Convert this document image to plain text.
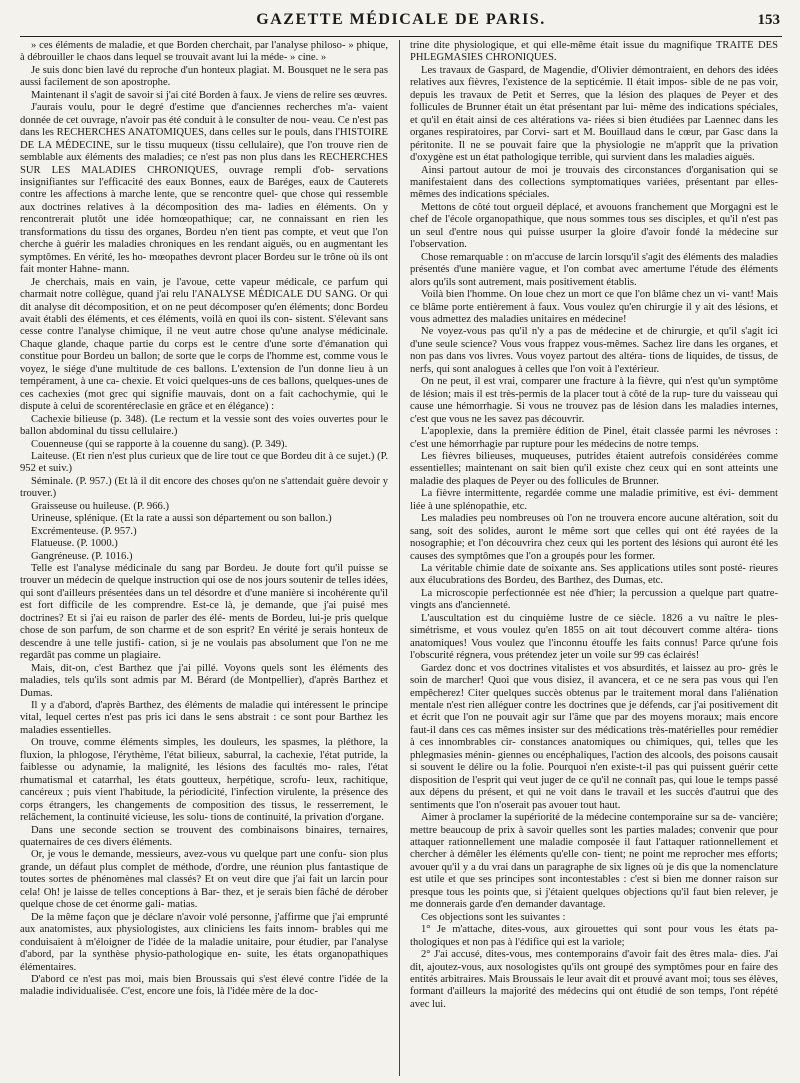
GAZETTE MÉDICALE DE PARIS.	153

» ces éléments de maladie, et que Borden cherchait, par l'analyse philoso- » phique, à débrouiller le chaos dans lequel se trouvait avant lui la méde- » cine. »

Je suis donc bien lavé du reproche d'un honteux plagiat. M. Bousquet ne le sera pas aussi facilement de son apostrophe.

Maintenant il s'agit de savoir si j'ai cité Borden à faux. Je viens de relire ses œuvres.

J'aurais voulu, pour le degré d'estime que d'anciennes recherches m'a- vaient donnée de cet ouvrage, n'avoir pas été conduit à le consulter de nou- veau. Ce n'est pas dans les RECHERCHES ANATOMIQUES, dans celles sur le pouls, dans l'HISTOIRE DE LA MÉDECINE, sur le tissu muqueux (tissu cellulaire), que l'on trouve rien de semblable aux éléments des maladies; ce n'est pas non plus dans les RECHERCHES SUR LES MALADIES CHRONIQUES, ouvrage rempli d'ob- servations insignifiantes sur l'efficacité des eaux Bonnes, eaux de Baréges, eaux de Cauterets contre les affections à marche lente, que se rencontre quel- que chose qui ressemble aux doctrines relatives à la décomposition des ma- ladies en éléments. On y rencontrerait plutôt une idée homœopathique; car, ne connaissant en rien les transformations du tissu des organes, Bordeu n'en tient pas compte, et veut que l'on cherche à guérir les maladies chroniques en les rendant aiguës, ou en augmentant les symptômes. En vérité, les ho- mœopathes devront placer Bordeu sur le trône où ils ont fait monter Hahne- mann.

Je cherchais, mais en vain, je l'avoue, cette vapeur médicale, ce parfum qui charmait notre collègue, quand j'ai relu l'ANALYSE MÉDICALE DU SANG. Or qui dit analyse dit décomposition, et on ne peut décomposer qu'en éléments; donc Bordeu avait établi des éléments, et ces éléments, voilà en quoi ils con- sistent. S'élevant sans cesse contre l'analyse chimique, il ne veut autre chose qu'une analyse médicinale. Chaque glande, chaque partie du corps est le centre d'une sorte d'émanation qui constitue pour Bordeu un ballon; de sorte que le corps de l'homme est, comme vous le voyez, le siége d'une multitude de ces ballons. L'extension de l'un donne lieu à un tempérament, à une ca- chexie. Et voici quelques-uns de ces ballons, quelques-unes de ces cachexies (mot grec qui signifie mauvais, dont on a fait cachochymie, qui le dispute à celui de scorentéreclasie en grâce et en élégance) :

Cachexie bilieuse (p. 348). (Le rectum et la vessie sont des voies ouvertes pour le ballon abdominal du tissu cellulaire.)

Couenneuse (qui se rapporte à la couenne du sang). (P. 349).

Laiteuse. (Et rien n'est plus curieux que de lire tout ce que Bordeu dit à ce sujet.) (P. 952 et suiv.)

Séminale. (P. 957.) (Et là il dit encore des choses qu'on ne s'attendait guère devoir y trouver.)

Graisseuse ou huileuse. (P. 966.)

Urineuse, splénique. (Et la rate a aussi son département ou son ballon.)

Excrémenteuse. (P. 957.)

Flatueuse. (P. 1000.)

Gangréneuse. (P. 1016.)

Telle est l'analyse médicinale du sang par Bordeu. Je doute fort qu'il puisse se trouver un médecin de quelque instruction qui ose de nos jours soutenir de telles idées, qui sont d'ailleurs présentées dans un tel désordre et d'une manière si incohérente qu'il est fort difficile de les comprendre. Est-ce là, je demande, que j'ai puisé mes doctrines? Et si j'ai eu raison de parler des élé- ments de Bordeu, lui-je pris quelque chose de son parfum, de son charme et de son esprit? En vérité je serais honteux de descendre à une telle justifi- cation, si je ne voulais pas absolument que l'on ne me regardât pas comme un plagiaire.

Mais, dit-on, c'est Barthez que j'ai pillé. Voyons quels sont les éléments des maladies, tels qu'ils sont admis par M. Bérard (de Montpellier), d'après Barthez et Dumas.

Il y a d'abord, d'après Barthez, des éléments de maladie qui intéressent le principe vital, lequel certes n'est pas pris ici dans le sens abstrait : ce sont pour Barthez les maladies essentielles.

On trouve, comme éléments simples, les douleurs, les spasmes, la pléthore, la fluxion, la phlogose, l'érythème, l'état bilieux, saburral, la cachexie, l'état putride, la faiblesse ou adynamie, la malignité, les lésions des facultés mo- rales, l'état rhumatismal et catarrhal, les états goutteux, herpétique, scrofu- leux, rachitique, cancéreux ; puis vient l'habitude, la périodicité, l'infection virulente, la présence des corps étrangers, les changements de composition des tissus, le resserrement, le relâchement, la continuité vicieuse, les solu- tions de continuité, la privation d'organe.

Dans une seconde section se trouvent des combinaisons binaires, ternaires, quaternaires de ces divers éléments.

Or, je vous le demande, messieurs, avez-vous vu quelque part une confu- sion plus grande, un défaut plus complet de méthode, d'ordre, une réunion plus fantastique de toutes sortes de phénomènes mal classés? Et on veut dire que j'ai fait un larcin pour cela! Oh! je laisse de telles conceptions à Bar- thez, et je serais bien fâché de dérober quelque chose de cet énorme gali- matias.

De la même façon que je déclare n'avoir volé personne, j'affirme que j'ai emprunté aux anatomistes, aux physiologistes, aux cliniciens les faits innom- brables qui me conduisaient à m'éloigner de l'idée de la maladie unitaire, pour étudier, par l'analyse d'abord, par la synthèse physio-pathologique en- suite, les états organopathiques élémentaires.

D'abord ce n'est pas moi, mais bien Broussais qui s'est élevé contre l'idée de la maladie individualisée. C'est, encore une fois, là l'idée mère de la doc-

trine dite physiologique, et qui elle-même était issue du magnifique TRAITÉ DES PHLEGMASIES CHRONIQUES.

Les travaux de Gaspard, de Magendie, d'Olivier démontraient, en dehors des idées relatives aux fièvres, l'existence de la septicémie. Il était impos- sible de ne pas voir, depuis les travaux de Petit et Serres, que la lésion des plaques de Peyer et des follicules de Brunner était un état présentant par lui- même des indications spéciales, et qu'il en était ainsi de ces altérations va- riées si bien étudiées par Laennec dans les organes respiratoires, par Corvi- sart et M. Bouillaud dans le cœur, par Gasc dans la péritonite. Il ne se pouvait faire que la physiologie ne m'apprît que la privation d'oxygène est un état pathologique terrible, qui survient dans les maladies aiguës.

Ainsi partout autour de moi je trouvais des circonstances d'organisation qui se manifestaient dans des collections symptomatiques variées, présentant par elles-mêmes des indications spéciales.

Mettons de côté tout orgueil déplacé, et avouons franchement que Morgagni est le chef de l'école organopathique, que nous sommes tous ses disciples, et qu'il n'est pas un seul d'entre nous qui puisse usurper la gloire d'avoir fondé la médecine sur l'observation.

Chose remarquable : on m'accuse de larcin lorsqu'il s'agit des éléments des maladies présentés d'une manière vague, et l'on combat avec amertume l'étude des éléments alors qu'ils sont autrement, mais positivement établis.

Voilà bien l'homme. On loue chez un mort ce que l'on blâme chez un vi- vant! Mais ce blâme porte entièrement à faux. Vous voulez qu'en chirurgie il y ait des lésions, et vous admettez des maladies unitaires en médecine!

Ne voyez-vous pas qu'il n'y a pas de médecine et de chirurgie, et qu'il s'agit ici d'une seule science? Vous vous frappez vous-mêmes. Sachez lire dans les organes, et non pas dans vos livres. Vous voyez partout des altéra- tions de liquides, de tissus, de nerfs, qui sont analogues à celles que l'on voit à l'extérieur.

On ne peut, il est vrai, comparer une fracture à la fièvre, qui n'est qu'un symptôme de lésion; mais il est très-permis de la placer tout à côté de la rup- ture du vaisseau qui cause une hémorrhagie. Si vous ne trouvez pas de lésion dans les maladies internes, c'est que vous ne les savez pas découvrir.

L'apoplexie, dans la première édition de Pinel, était classée parmi les névroses : c'est une hémorrhagie par rupture pour les médecins de notre temps.

Les fièvres bilieuses, muqueuses, putrides étaient autrefois considérées comme essentielles; maintenant on sait bien qu'il existe chez ceux qui en sont atteints une maladie des plaques de Peyer ou des follicules de Brunner.

La fièvre intermittente, regardée comme une maladie primitive, est évi- demment liée à une splénopathie, etc.

Les maladies peu nombreuses où l'on ne trouvera encore aucune altération, soit du sang, soit des solides, auront le même sort que celles qui ont été rayées de la nosographie; et l'on découvrira chez ceux qui les portent des lésions qui auront été les causes des symptômes que l'on a groupés pour les former.

La véritable chimie date de soixante ans. Ses applications utiles sont posté- rieures aux élucubrations des Bordeu, des Barthez, des Dumas, etc.

La microscopie perfectionnée est née d'hier; la percussion a quelque part quatre-vingts ans d'ancienneté.

L'auscultation est du cinquième lustre de ce siècle. 1826 a vu naître le ples- simétrisme, et vous voulez qu'en 1855 on ait tout découvert comme altéra- tions anatomiques! Vous voulez que l'inconnu étouffe les faits connus! Parce qu'une fois l'obscurité régnera, vous prétendez jeter un voile sur 99 cas éclairés!

Gardez donc et vos doctrines vitalistes et vos absurdités, et laissez au pro- grès le soin de marcher! Quoi que vous disiez, il avancera, et ce ne sera pas vous qui l'en empêcherez! Citer quelques succès obtenus par le traitement moral dans l'aliénation mentale n'est rien alléguer contre les doctrines que je défends, car j'ai positivement dit et écrit que l'on ne pouvait agir sur l'âme que par des moyens moraux; mais encore faut-il dans ces cas mêmes insister sur des médications très-matérielles pour remédier à ces innombrables cir- constances anatomiques ou chimiques, qui, telles que les phlegmasies ménin- giennes ou encéphaliques, l'action des alcools, des poisons causait si souvent le délire ou la folie. Pourquoi n'en existe-t-il pas qui puissent guérir cette disposition de l'esprit qui veut juger de ce qu'il ne connaît pas, qui loue le temps passé aux dépens du présent, et qui ne voit dans le travail et les succès d'autrui que des sentiments que l'on n'oserait pas avouer tout haut.

Aimer à proclamer la supériorité de la médecine contemporaine sur sa de- vancière; mettre beaucoup de prix à savoir quelles sont les parties malades; convenir que pour attaquer rationnellement une maladie composée il faut l'attaquer rationnellement et chercher à démêler les éléments qu'elle con- tient; ne point me reprocher mes efforts; avouer qu'il y a du vrai dans un paragraphe de six lignes où je dis que la nomenclature est utile et que ses principes sont incontestables : c'est si bien me donner raison sur presque tous les points que, si j'étaient quelques objections qu'il faut bien relever, je me donnerais garde d'en demander davantage.

Ces objections sont les suivantes :

1° Je m'attache, dites-vous, aux girouettes qui sont pour vous les états pa- thologiques et non pas à l'édifice qui est la variole;

2° J'ai accusé, dites-vous, mes contemporains d'avoir fait des êtres mala- dies. J'ai dit, ajoutez-vous, aux nosologistes qu'ils ont groupé des symptômes pour en faire des entités arbitraires. Mais Broussais le leur avait dit et prouvé avant moi; tous ses élèves, formant d'ailleurs la majorité des médecins qui ont étudié de son temps, l'ont répété avec lui.
